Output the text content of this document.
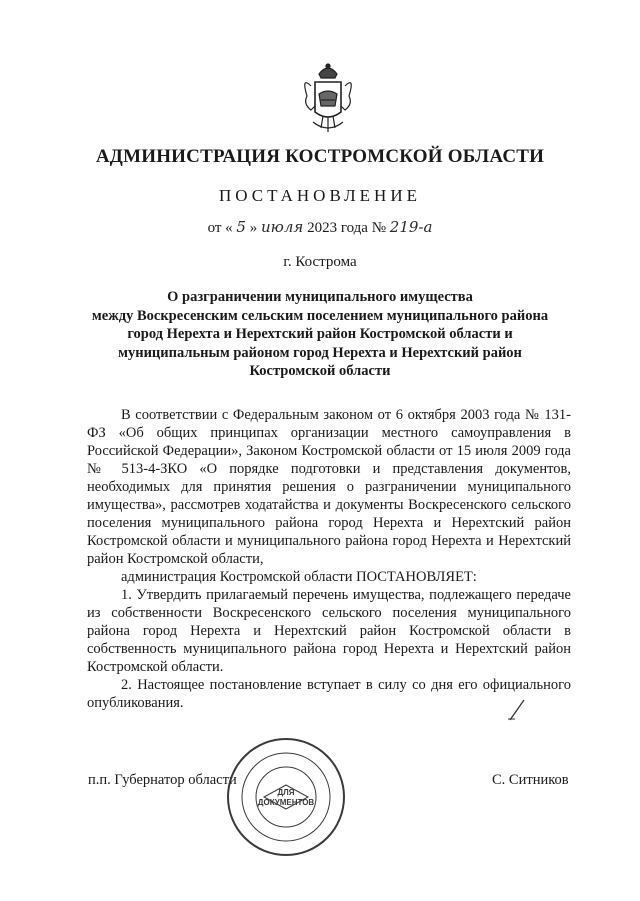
АДМИНИСТРАЦИЯ КОСТРОМСКОЙ ОБЛАСТИ
ПОСТАНОВЛЕНИЕ
от « 5 » июля 2023 года № 219-а
г. Кострома
О разграничении муниципального имущества
между Воскресенским сельским поселением муниципального района
город Нерехта и Нерехтский район Костромской области и
муниципальным районом город Нерехта и Нерехтский район
Костромской области

В соответствии с Федеральным законом от 6 октября 2003 года № 131-ФЗ «Об общих принципах организации местного самоуправления в Российской Федерации», Законом Костромской области от 15 июля 2009 года № 513-4-ЗКО «О порядке подготовки и представления документов, необходимых для принятия решения о разграничении муниципального имущества», рассмотрев ходатайства и документы Воскресенского сельского поселения муниципального района город Нерехта и Нерехтский район Костромской области и муниципального района город Нерехта и Нерехтский район Костромской области,

администрация Костромской области ПОСТАНОВЛЯЕТ:

1. Утвердить прилагаемый перечень имущества, подлежащего передаче из собственности Воскресенского сельского поселения муниципального района город Нерехта и Нерехтский район Костромской области в собственность муниципального района город Нерехта и Нерехтский район Костромской области.

2. Настоящее постановление вступает в силу со дня его официального опубликования.

п.п. Губернатор области	С. Ситников
ДЛЯ
ДОКУМЕНТОВ
